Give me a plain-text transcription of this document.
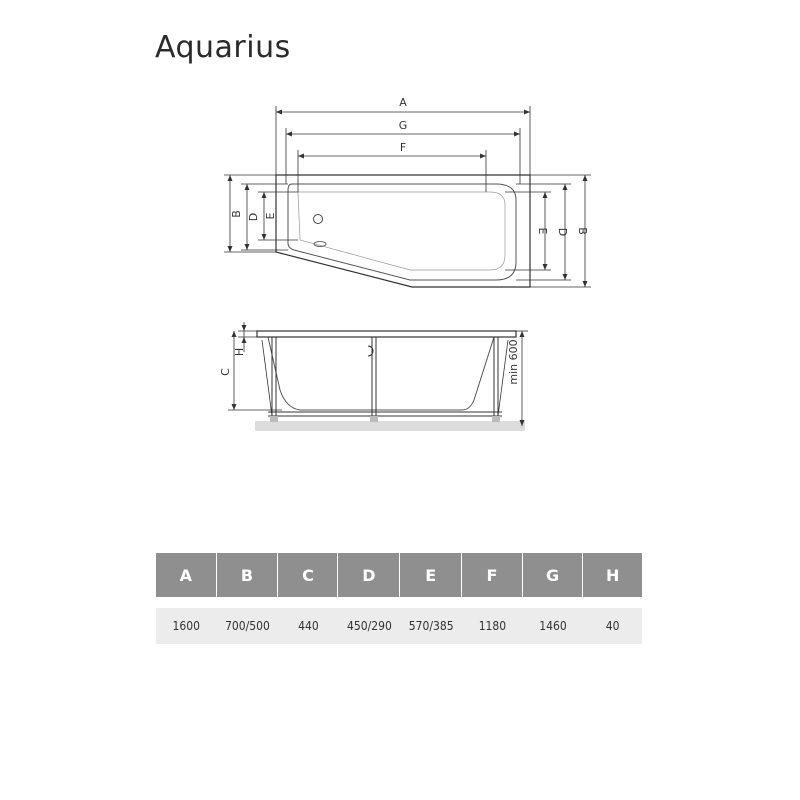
Aquarius
A
G
F
B D E
E D B
H
C	min 600
A	B	C	D	E	F	G	H

1600	700/500	440	450/290	570/385	1180	1460	40
